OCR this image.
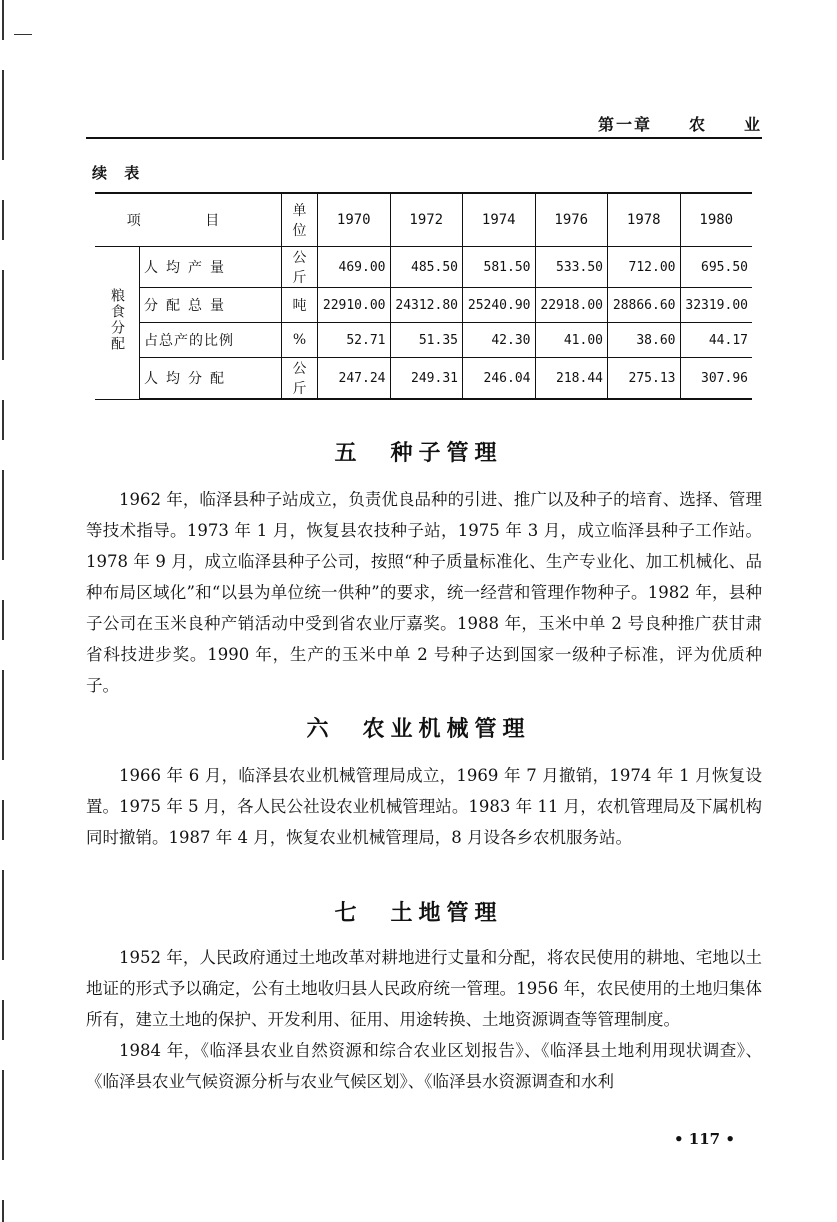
第一章 农 业
续 表
项 目		单位	1970	1972	1974	1976	1978	1980
粮食分配	人均产量	公斤	469.00	485.50	581.50	533.50	712.00	695.50
	分配总量	吨	22910.00	24312.80	25240.90	22918.00	28866.60	32319.00
	占总产的比例	%	52.71	51.35	42.30	41.00	38.60	44.17
	人均分配	公斤	247.24	249.31	246.04	218.44	275.13	307.96
五　种子管理

1962 年，临泽县种子站成立，负责优良品种的引进、推广以及种子的培育、选择、管理等技术指导。1973 年 1 月，恢复县农技种子站，1975 年 3 月，成立临泽县种子工作站。1978 年 9 月，成立临泽县种子公司，按照“种子质量标准化、生产专业化、加工机械化、品种布局区域化”和“以县为单位统一供种”的要求，统一经营和管理作物种子。1982 年，县种子公司在玉米良种产销活动中受到省农业厅嘉奖。1988 年，玉米中单 2 号良种推广获甘肃省科技进步奖。1990 年，生产的玉米中单 2 号种子达到国家一级种子标准，评为优质种子。

六　农业机械管理

1966 年 6 月，临泽县农业机械管理局成立，1969 年 7 月撤销，1974 年 1 月恢复设置。1975 年 5 月，各人民公社设农业机械管理站。1983 年 11 月，农机管理局及下属机构同时撤销。1987 年 4 月，恢复农业机械管理局，8 月设各乡农机服务站。

七　土地管理

1952 年，人民政府通过土地改革对耕地进行丈量和分配，将农民使用的耕地、宅地以土地证的形式予以确定，公有土地收归县人民政府统一管理。1956 年，农民使用的土地归集体所有，建立土地的保护、开发利用、征用、用途转换、土地资源调查等管理制度。

1984 年，《临泽县农业自然资源和综合农业区划报告》、《临泽县土地利用现状调查》、《临泽县农业气候资源分析与农业气候区划》、《临泽县水资源调查和水利

• 117 •
